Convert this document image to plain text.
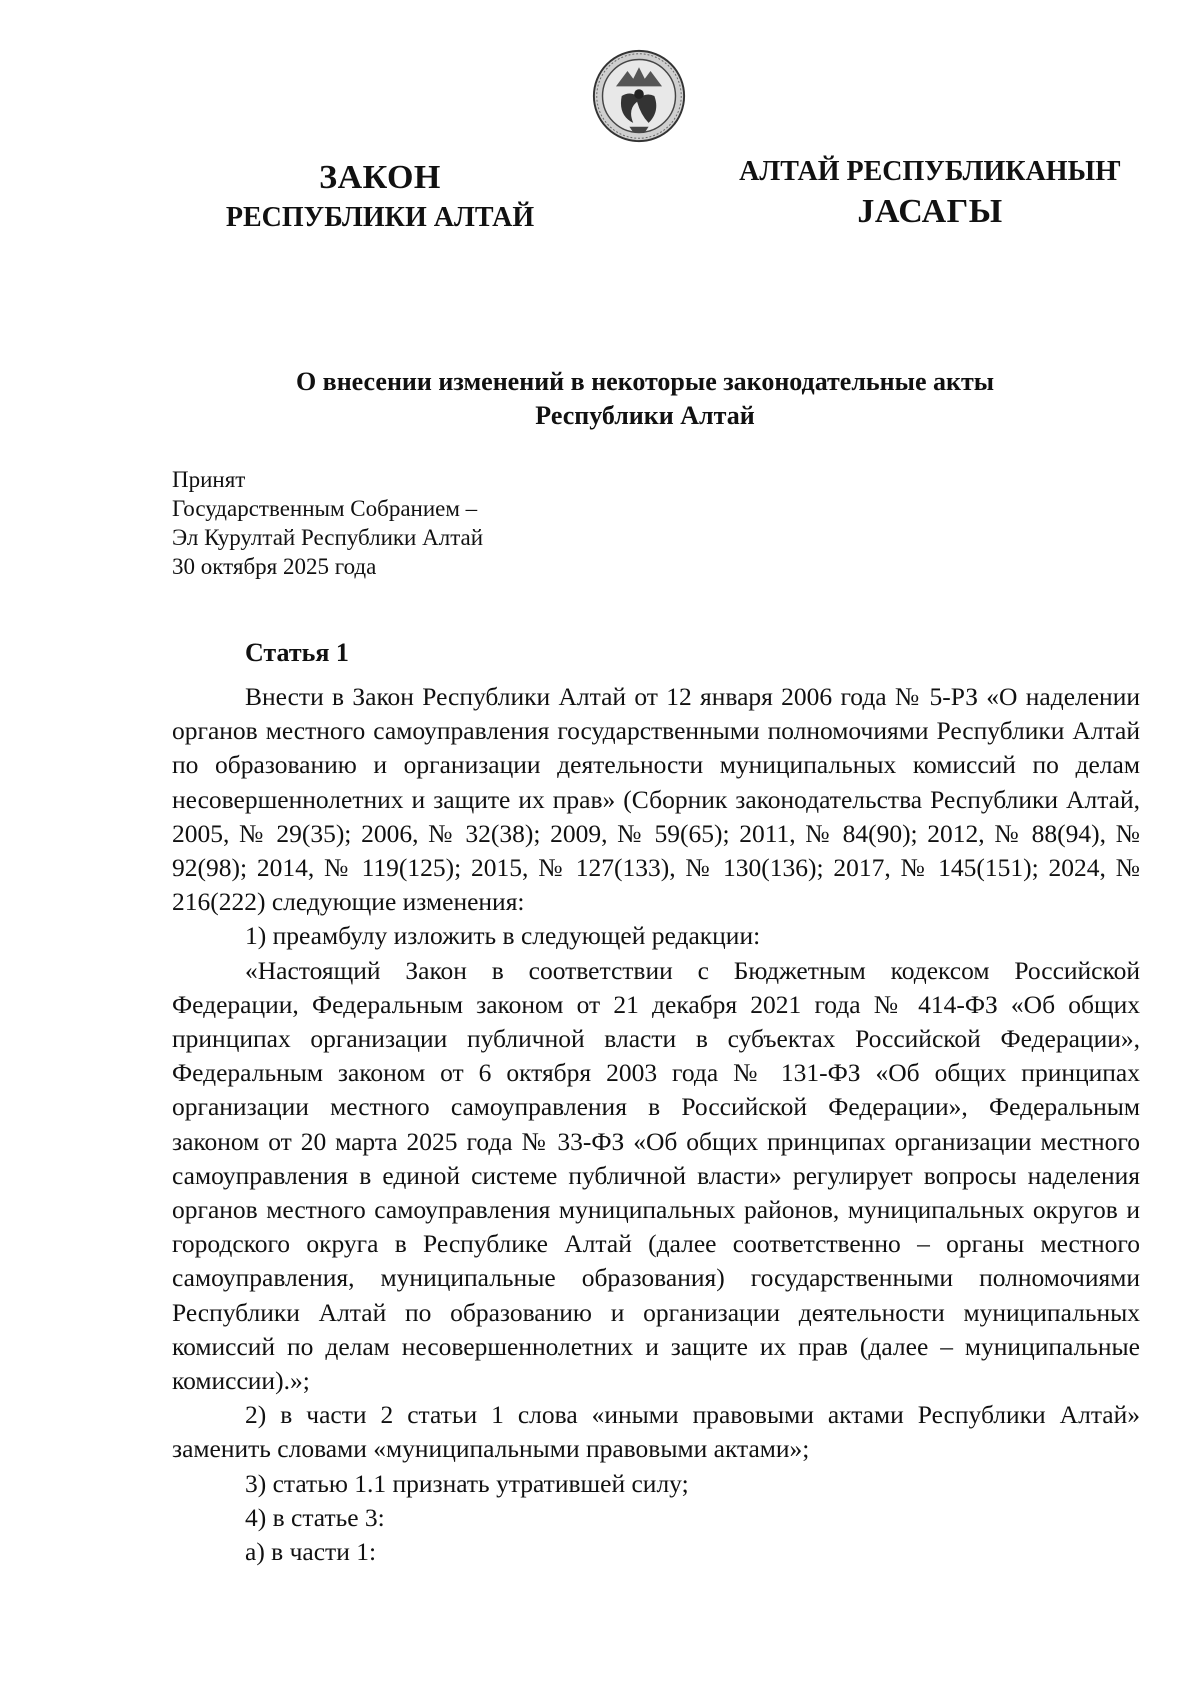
ЗАКОН
РЕСПУБЛИКИ АЛТАЙ
АЛТАЙ РЕСПУБЛИКАНЫҤ
ЈАСАГЫ
О внесении изменений в некоторые законодательные акты
Республики Алтай
Принят
Государственным Собранием –
Эл Курултай Республики Алтай
30 октября 2025 года
Статья 1

Внести в Закон Республики Алтай от 12 января 2006 года № 5-РЗ «О наделении органов местного самоуправления государственными полномочиями Республики Алтай по образованию и организации деятельности муниципальных комиссий по делам несовершеннолетних и защите их прав» (Сборник законодательства Республики Алтай, 2005, № 29(35); 2006, № 32(38); 2009, № 59(65); 2011, № 84(90); 2012, № 88(94), № 92(98); 2014, № 119(125); 2015, № 127(133), № 130(136); 2017, № 145(151); 2024, № 216(222) следующие изменения:

1) преамбулу изложить в следующей редакции:

«Настоящий Закон в соответствии с Бюджетным кодексом Российской Федерации, Федеральным законом от 21 декабря 2021 года № 414-ФЗ «Об общих принципах организации публичной власти в субъектах Российской Федерации», Федеральным законом от 6 октября 2003 года № 131-ФЗ «Об общих принципах организации местного самоуправления в Российской Федерации», Федеральным законом от 20 марта 2025 года № 33-ФЗ «Об общих принципах организации местного самоуправления в единой системе публичной власти» регулирует вопросы наделения органов местного самоуправления муниципальных районов, муниципальных округов и городского округа в Республике Алтай (далее соответственно – органы местного самоуправления, муниципальные образования) государственными полномочиями Республики Алтай по образованию и организации деятельности муниципальных комиссий по делам несовершеннолетних и защите их прав (далее – муниципальные комиссии).»;

2) в части 2 статьи 1 слова «иными правовыми актами Республики Алтай» заменить словами «муниципальными правовыми актами»;

3) статью 1.1 признать утратившей силу;

4) в статье 3:

а) в части 1:
